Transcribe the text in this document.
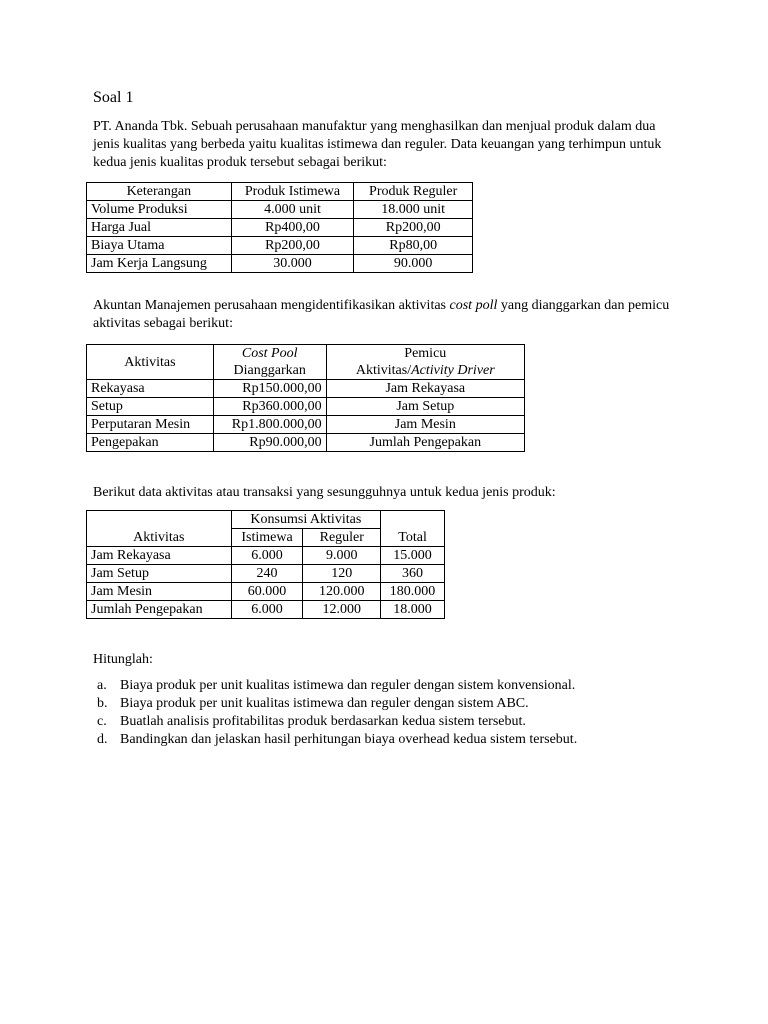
Soal 1

PT. Ananda Tbk. Sebuah perusahaan manufaktur yang menghasilkan dan menjual produk dalam dua jenis kualitas yang berbeda yaitu kualitas istimewa dan reguler. Data keuangan yang terhimpun untuk kedua jenis kualitas produk tersebut sebagai berikut:

Keterangan	Produk Istimewa	Produk Reguler
Volume Produksi	4.000 unit	18.000 unit
Harga Jual	Rp400,00	Rp200,00
Biaya Utama	Rp200,00	Rp80,00
Jam Kerja Langsung	30.000	90.000

Akuntan Manajemen perusahaan mengidentifikasikan aktivitas cost poll yang dianggarkan dan pemicu aktivitas sebagai berikut:

Aktivitas	Cost Pool	Pemicu
	Dianggarkan	Aktivitas/Activity Driver
Rekayasa	Rp150.000,00	Jam Rekayasa
Setup	Rp360.000,00	Jam Setup
Perputaran Mesin	Rp1.800.000,00	Jam Mesin
Pengepakan	Rp90.000,00	Jumlah Pengepakan

Berikut data aktivitas atau transaksi yang sesungguhnya untuk kedua jenis produk:

	Konsumsi Aktivitas		
Aktivitas	Istimewa	Reguler	Total
Jam Rekayasa	6.000	9.000	15.000
Jam Setup	240	120	360
Jam Mesin	60.000	120.000	180.000
Jumlah Pengepakan	6.000	12.000	18.000

Hitunglah:

a. Biaya produk per unit kualitas istimewa dan reguler dengan sistem konvensional.
b. Biaya produk per unit kualitas istimewa dan reguler dengan sistem ABC.
c. Buatlah analisis profitabilitas produk berdasarkan kedua sistem tersebut.
d. Bandingkan dan jelaskan hasil perhitungan biaya overhead kedua sistem tersebut.
